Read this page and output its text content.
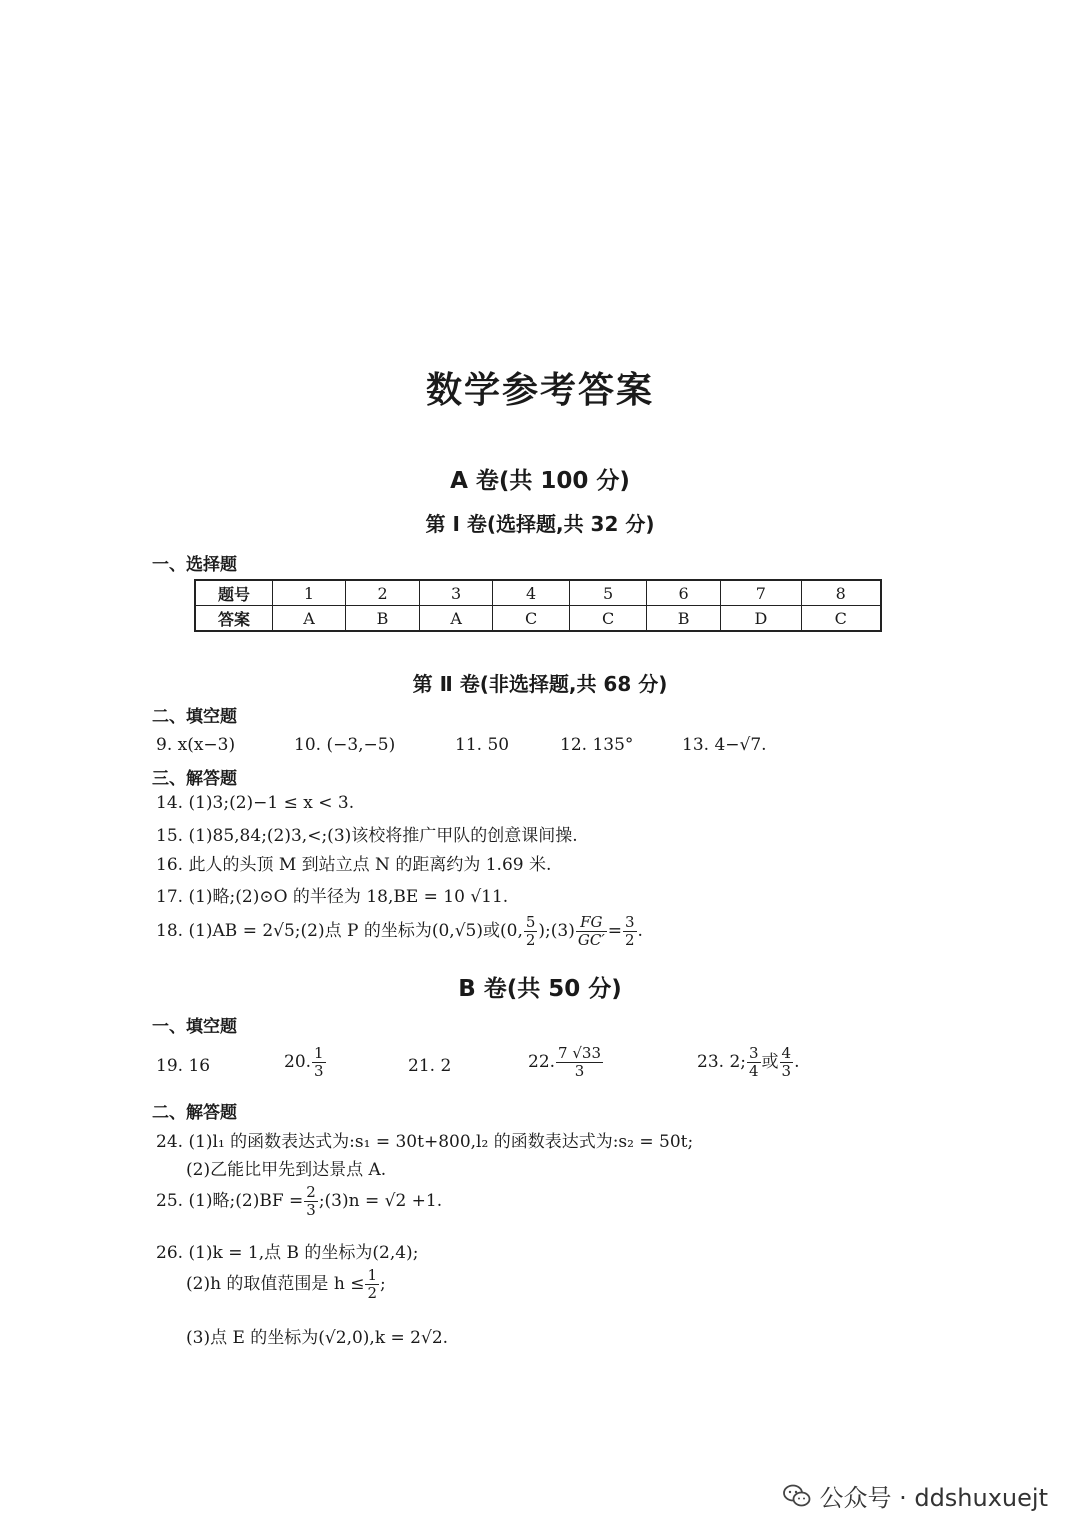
数学参考答案
A 卷(共 100 分)
第 Ⅰ 卷(选择题,共 32 分)
一、选择题
题号	1	2	3	4	5	6	7	8
答案	A	B	A	C	C	B	D	C
第 Ⅱ 卷(非选择题,共 68 分)
二、填空题
9. x(x−3)	10. (−3,−5)	11. 50	12. 135°	13. 4−√7.
三、解答题
14. (1)3;(2)−1 ≤ x < 3.
15. (1)85,84;(2)3,<;(3)该校将推广甲队的创意课间操.
16. 此人的头顶 M 到站立点 N 的距离约为 1.69 米.
17. (1)略;(2)⊙O 的半径为 18,BE = 10 √11.
18. (1)AB = 2√5;(2)点 P 的坐标为(0,√5)或(0, $\frac{5}{2}$ );(3) $\frac{FG}{GC'} = \frac{3}{2}$ .
B 卷(共 50 分)
一、填空题
19. 16	20. $\frac{1}{3}$	21. 2	22. $\frac{7 √33}{3}$	23. 2; $\frac{3}{4}$ 或 $\frac{4}{3}$ .
二、解答题
24. (1)l₁ 的函数表达式为:s₁ = 30t+800,l₂ 的函数表达式为:s₂ = 50t;
(2)乙能比甲先到达景点 A.
25. (1)略;(2)BF = $\frac{2}{3}$ ;(3)n = √2 +1.
26. (1)k = 1,点 B 的坐标为(2,4);
(2)h 的取值范围是 $h \le \frac{1}{2}$ ;
(3)点 E 的坐标为(√2,0),k = 2√2.
公众号 · ddshuxuejt
